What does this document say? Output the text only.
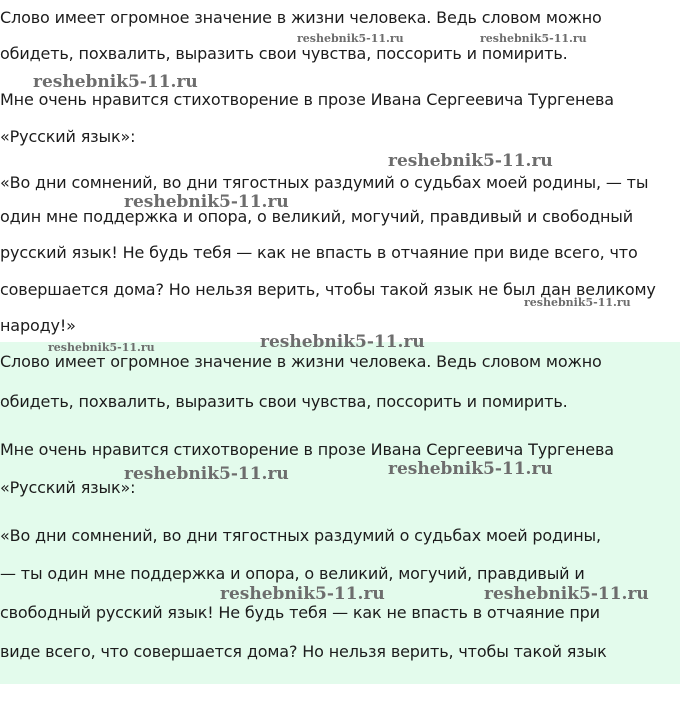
Слово имеет огромное значение в жизни человека. Ведь словом можно
обидеть, похвалить, выразить свои чувства, поссорить и помирить.
Мне очень нравится стихотворение в прозе Ивана Сергеевича Тургенева
«Русский язык»:
«Во дни сомнений, во дни тягостных раздумий о судьбах моей родины, — ты
один мне поддержка и опора, о великий, могучий, правдивый и свободный
русский язык! Не будь тебя — как не впасть в отчаяние при виде всего, что
совершается дома? Но нельзя верить, чтобы такой язык не был дан великому
народу!»
Слово имеет огромное значение в жизни человека. Ведь словом можно
обидеть, похвалить, выразить свои чувства, поссорить и помирить.
Мне очень нравится стихотворение в прозе Ивана Сергеевича Тургенева
«Русский язык»:
«Во дни сомнений, во дни тягостных раздумий о судьбах моей родины,
— ты один мне поддержка и опора, о великий, могучий, правдивый и
свободный русский язык! Не будь тебя — как не впасть в отчаяние при
виде всего, что совершается дома? Но нельзя верить, чтобы такой язык
reshebnik5-11.ru	reshebnik5-11.ru
reshebnik5-11.ru
reshebnik5-11.ru
reshebnik5-11.ru
reshebnik5-11.ru
reshebnik5-11.ru	reshebnik5-11.ru
reshebnik5-11.ru	reshebnik5-11.ru
reshebnik5-11.ru	reshebnik5-11.ru
